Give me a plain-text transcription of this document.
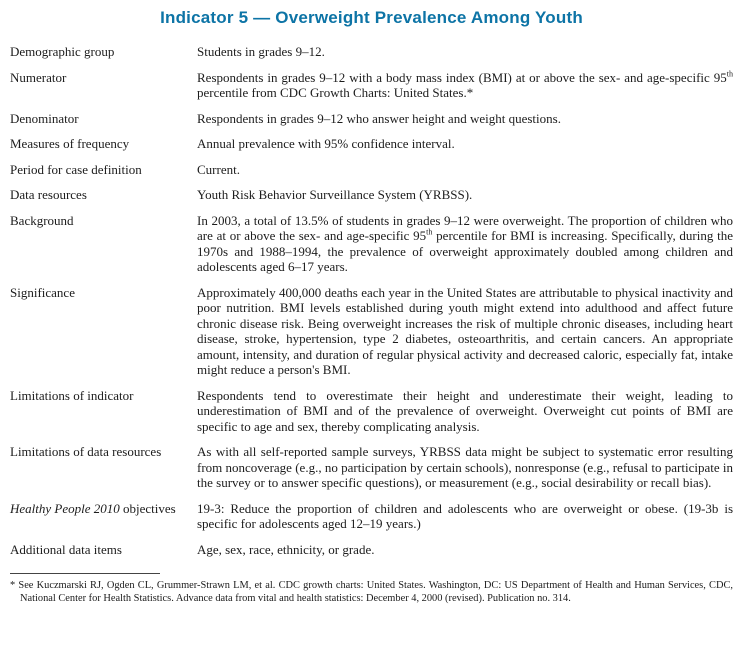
Indicator 5 — Overweight Prevalence Among Youth
Demographic group	Students in grades 9–12.
Numerator	Respondents in grades 9–12 with a body mass index (BMI) at or above the sex- and age-specific 95th percentile from CDC Growth Charts: United States.*
Denominator	Respondents in grades 9–12 who answer height and weight questions.
Measures of frequency	Annual prevalence with 95% confidence interval.
Period for case definition	Current.
Data resources	Youth Risk Behavior Surveillance System (YRBSS).
Background	In 2003, a total of 13.5% of students in grades 9–12 were overweight. The proportion of children who are at or above the sex- and age-specific 95th percentile for BMI is increasing. Specifically, during the 1970s and 1988–1994, the prevalence of overweight approximately doubled among children and adolescents aged 6–17 years.
Significance	Approximately 400,000 deaths each year in the United States are attributable to physical inactivity and poor nutrition. BMI levels established during youth might extend into adulthood and affect future chronic disease risk. Being overweight increases the risk of multiple chronic diseases, including heart disease, stroke, hypertension, type 2 diabetes, osteoarthritis, and certain cancers. An appropriate amount, intensity, and duration of regular physical activity and decreased caloric, especially fat, intake might reduce a person's BMI.
Limitations of indicator	Respondents tend to overestimate their height and underestimate their weight, leading to underestimation of BMI and of the prevalence of overweight. Overweight cut points of BMI are specific to age and sex, thereby complicating analysis.
Limitations of data resources	As with all self-reported sample surveys, YRBSS data might be subject to systematic error resulting from noncoverage (e.g., no participation by certain schools), nonresponse (e.g., refusal to participate in the survey or to answer specific questions), or measurement (e.g., social desirability or recall bias).
Healthy People 2010 objectives	19-3: Reduce the proportion of children and adolescents who are overweight or obese. (19-3b is specific for adolescents aged 12–19 years.)
Additional data items	Age, sex, race, ethnicity, or grade.

* See Kuczmarski RJ, Ogden CL, Grummer-Strawn LM, et al. CDC growth charts: United States. Washington, DC: US Department of Health and Human Services, CDC, National Center for Health Statistics. Advance data from vital and health statistics: December 4, 2000 (revised). Publication no. 314.
